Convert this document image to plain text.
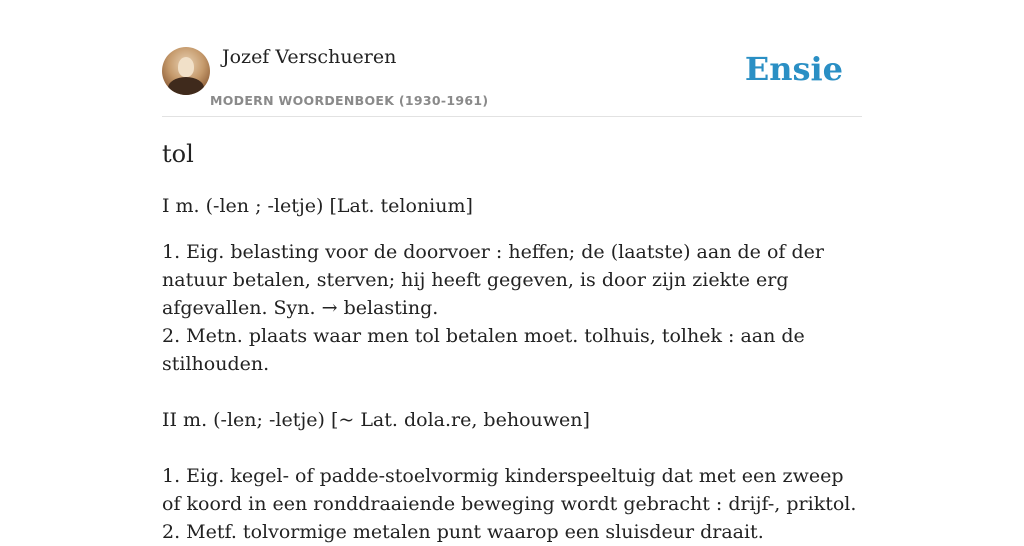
Jozef Verschueren
MODERN WOORDENBOEK (1930-1961)
Ensie
tol

I m. (-len ; -letje) [Lat. telonium]

1. Eig. belasting voor de doorvoer : heffen; de (laatste) aan de of der natuur betalen, sterven; hij heeft gegeven, is door zijn ziekte erg afgevallen. Syn. → belasting.

2. Metn. plaats waar men tol betalen moet. tolhuis, tolhek : aan de stilhouden.

II m. (-len; -letje) [~ Lat. dola.re, behouwen]

1. Eig. kegel- of padde-stoelvormig kinderspeeltuig dat met een zweep of koord in een ronddraaiende beweging wordt gebracht : drijf-, priktol.

2. Metf. tolvormige metalen punt waarop een sluisdeur draait.
